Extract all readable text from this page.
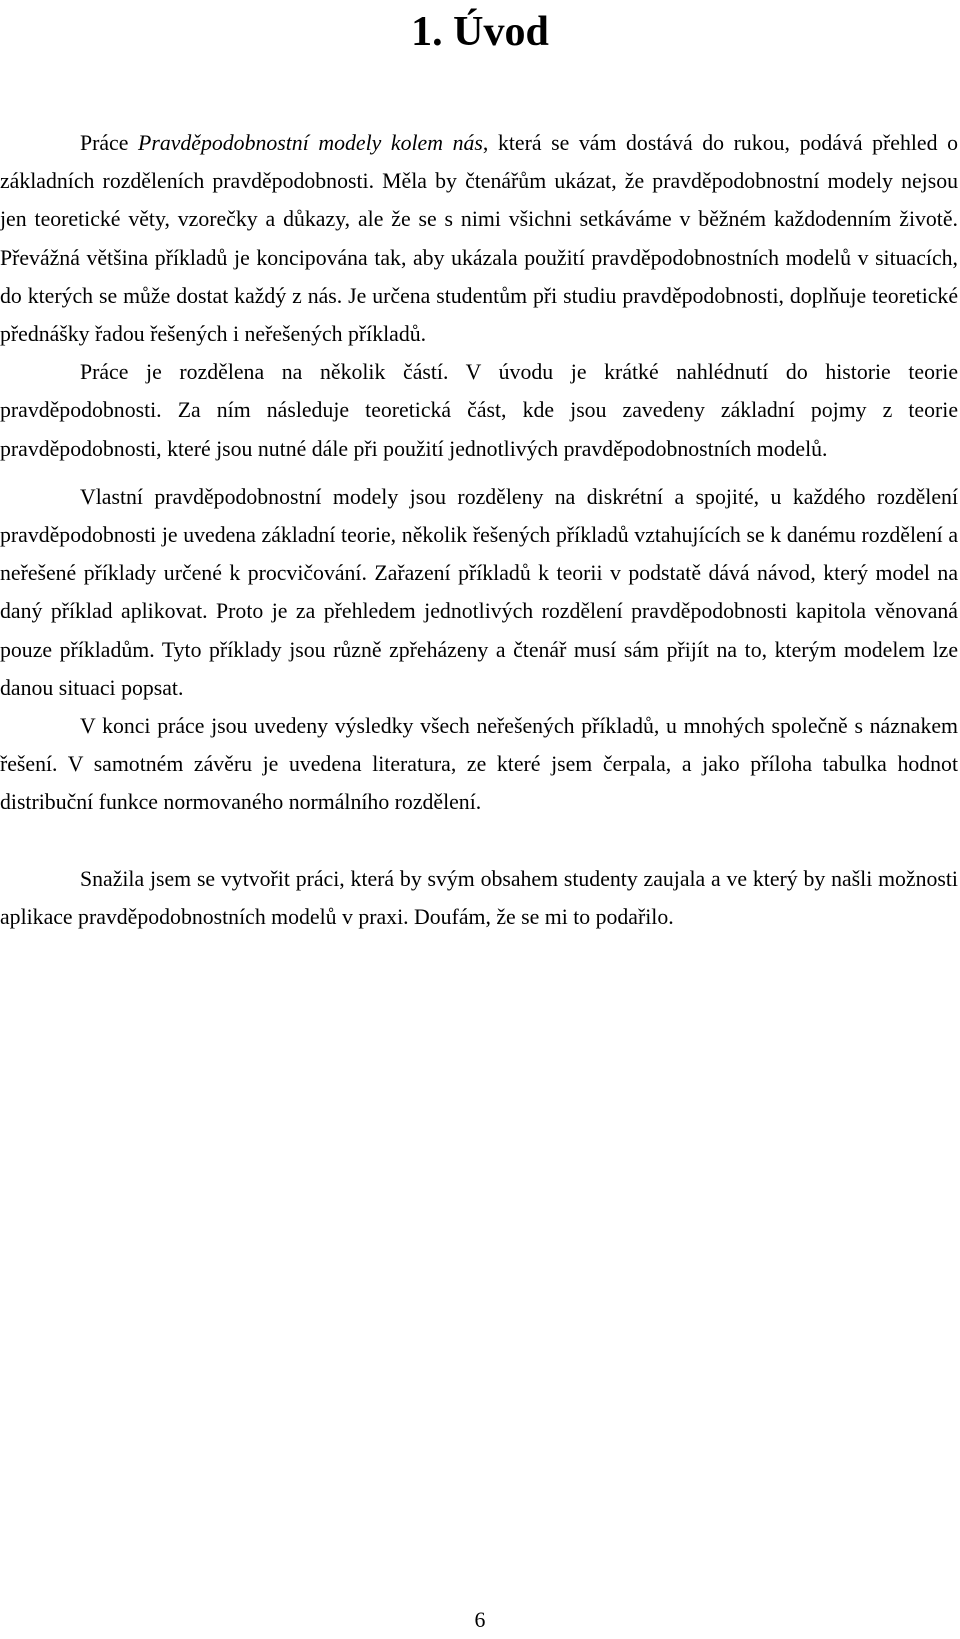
1. Úvod

Práce Pravděpodobnostní modely kolem nás, která se vám dostává do rukou, podává přehled o základních rozděleních pravděpodobnosti. Měla by čtenářům ukázat, že pravděpodobnostní modely nejsou jen teoretické věty, vzorečky a důkazy, ale že se s nimi všichni setkáváme v běžném každodenním životě. Převážná většina příkladů je koncipována tak, aby ukázala použití pravděpodobnostních modelů v situacích, do kterých se může dostat každý z nás. Je určena studentům při studiu pravděpodobnosti, doplňuje teoretické přednášky řadou řešených i neřešených příkladů.

Práce je rozdělena na několik částí. V úvodu je krátké nahlédnutí do historie teorie pravděpodobnosti. Za ním následuje teoretická část, kde jsou zavedeny základní pojmy z teorie pravděpodobnosti, které jsou nutné dále při použití jednotlivých pravděpodobnostních modelů.

Vlastní pravděpodobnostní modely jsou rozděleny na diskrétní a spojité, u každého rozdělení pravděpodobnosti je uvedena základní teorie, několik řešených příkladů vztahujících se k danému rozdělení a neřešené příklady určené k procvičování. Zařazení příkladů k teorii v podstatě dává návod, který model na daný příklad aplikovat. Proto je za přehledem jednotlivých rozdělení pravděpodobnosti kapitola věnovaná pouze příkladům. Tyto příklady jsou různě zpřeházeny a čtenář musí sám přijít na to, kterým modelem lze danou situaci popsat.

V konci práce jsou uvedeny výsledky všech neřešených příkladů, u mnohých společně s náznakem řešení. V samotném závěru je uvedena literatura, ze které jsem čerpala, a jako příloha tabulka hodnot distribuční funkce normovaného normálního rozdělení.

Snažila jsem se vytvořit práci, která by svým obsahem studenty zaujala a ve který by našli možnosti aplikace pravděpodobnostních modelů v praxi. Doufám, že se mi to podařilo.

6
